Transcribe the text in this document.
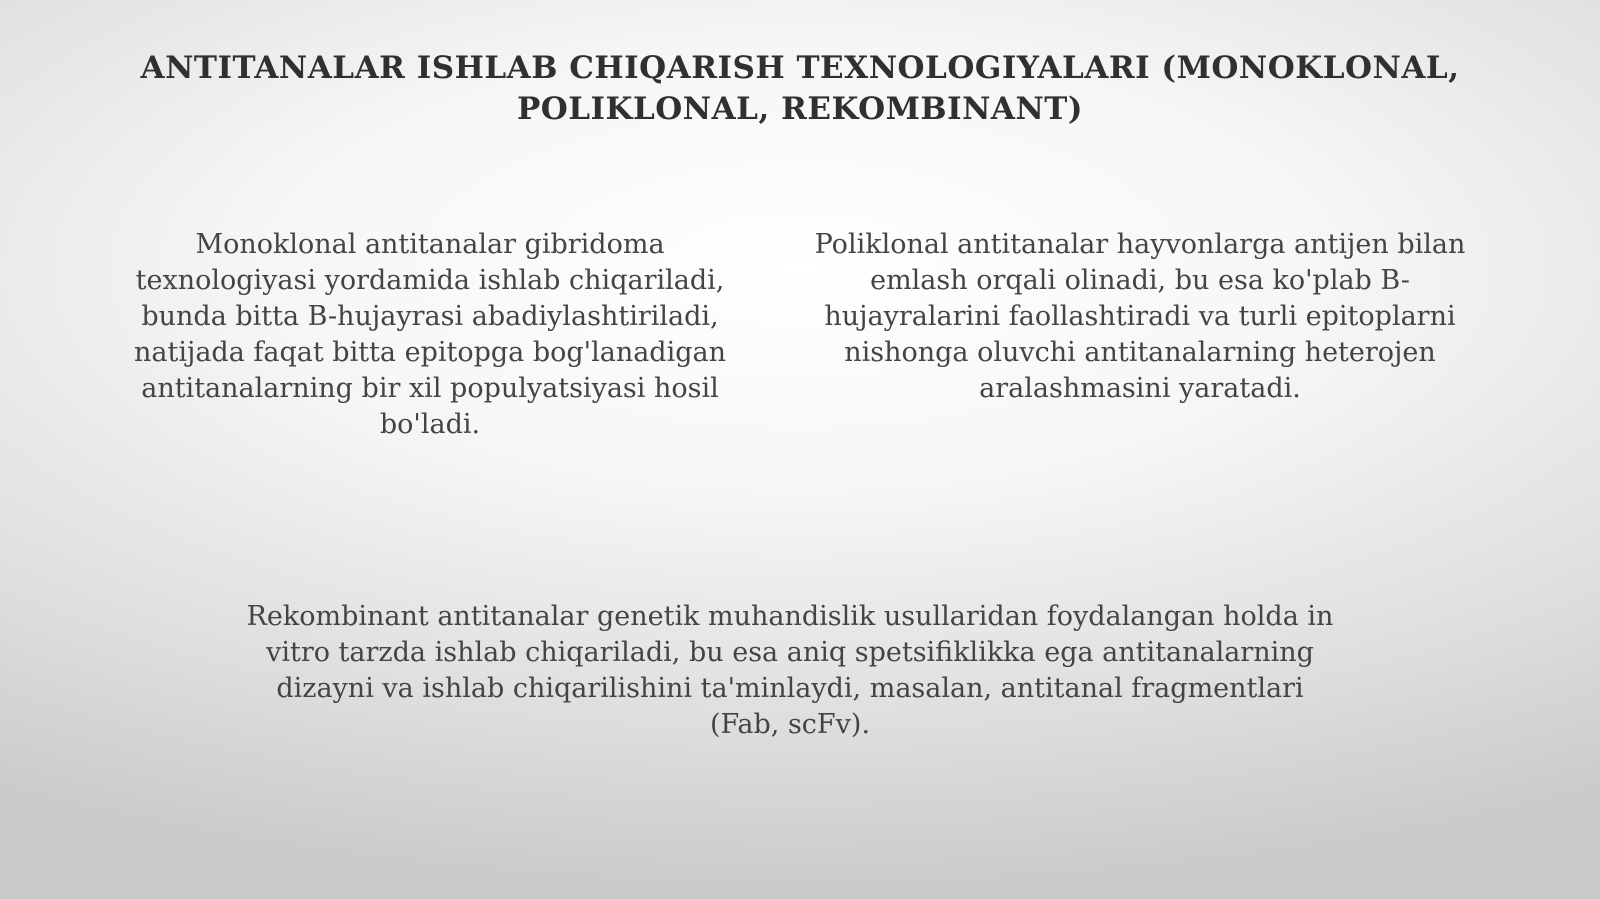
ANTITANALAR ISHLAB CHIQARISH TEXNOLOGIYALARI (MONOKLONAL,
POLIKLONAL, REKOMBINANT)

Monoklonal antitanalar gibridoma texnologiyasi yordamida ishlab chiqariladi, bunda bitta B-hujayrasi abadiylashtiriladi, natijada faqat bitta epitopga bog'lanadigan antitanalarning bir xil populyatsiyasi hosil bo'ladi.

Poliklonal antitanalar hayvonlarga antijen bilan emlash orqali olinadi, bu esa ko'plab B-hujayralarini faollashtiradi va turli epitoplarni nishonga oluvchi antitanalarning heterojen aralashmasini yaratadi.

Rekombinant antitanalar genetik muhandislik usullaridan foydalangan holda in vitro tarzda ishlab chiqariladi, bu esa aniq spetsifiklikka ega antitanalarning dizayni va ishlab chiqarilishini ta'minlaydi, masalan, antitanal fragmentlari (Fab, scFv).
